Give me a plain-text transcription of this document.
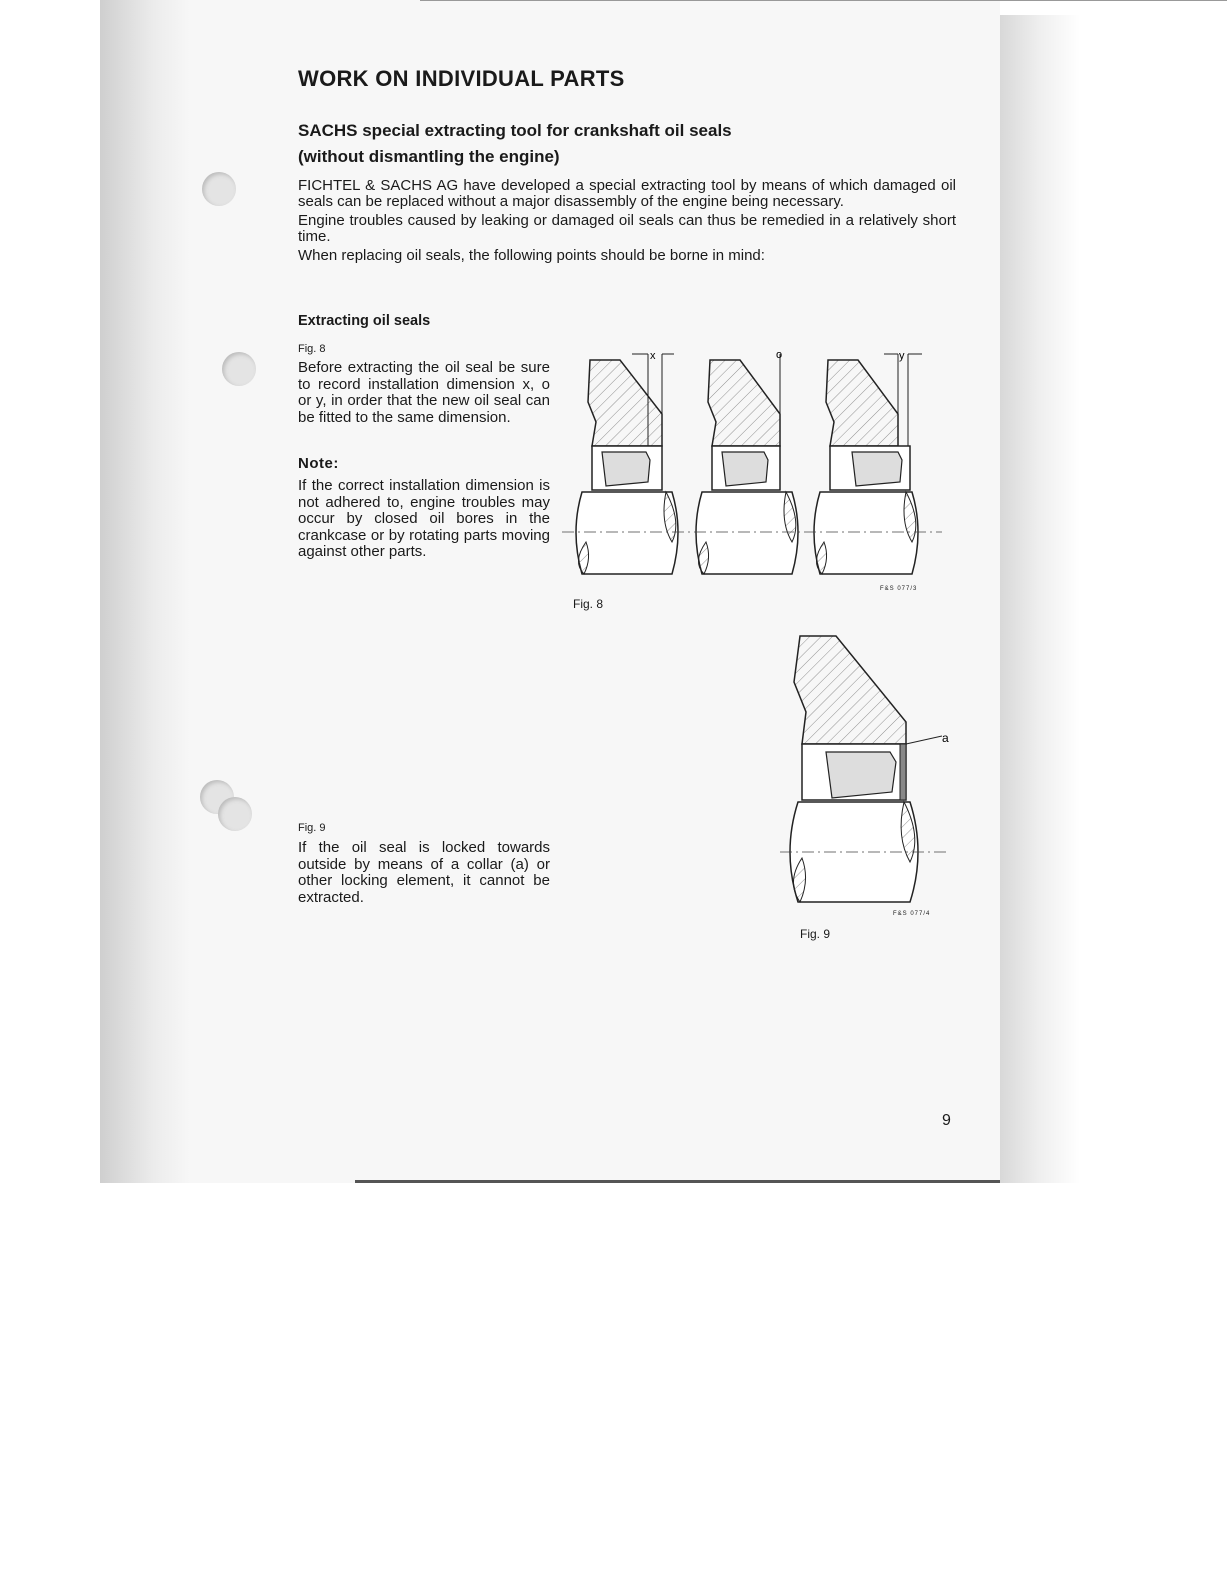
WORK ON INDIVIDUAL PARTS
SACHS special extracting tool for crankshaft oil seals
(without dismantling the engine)

FICHTEL & SACHS AG have developed a special extracting tool by means of which damaged oil seals can be replaced without a major disassembly of the engine being necessary.

Engine troubles caused by leaking or damaged oil seals can thus be remedied in a relatively short time.

When replacing oil seals, the following points should be borne in mind:

Extracting oil seals
Fig. 8
Before extracting the oil seal be sure to record installation dimension x, o or y, in order that the new oil seal can be fitted to the same dimension.
Note:
If the correct installation dimension is not adhered to, engine troubles may occur by closed oil bores in the crankcase or by rotating parts moving against other parts.
Fig. 9
If the oil seal is locked towards outside by means of a collar (a) or other locking element, it cannot be extracted.
x	o	y
F&S 077/3
Fig. 8
a
F&S 077/4
Fig. 9
9
